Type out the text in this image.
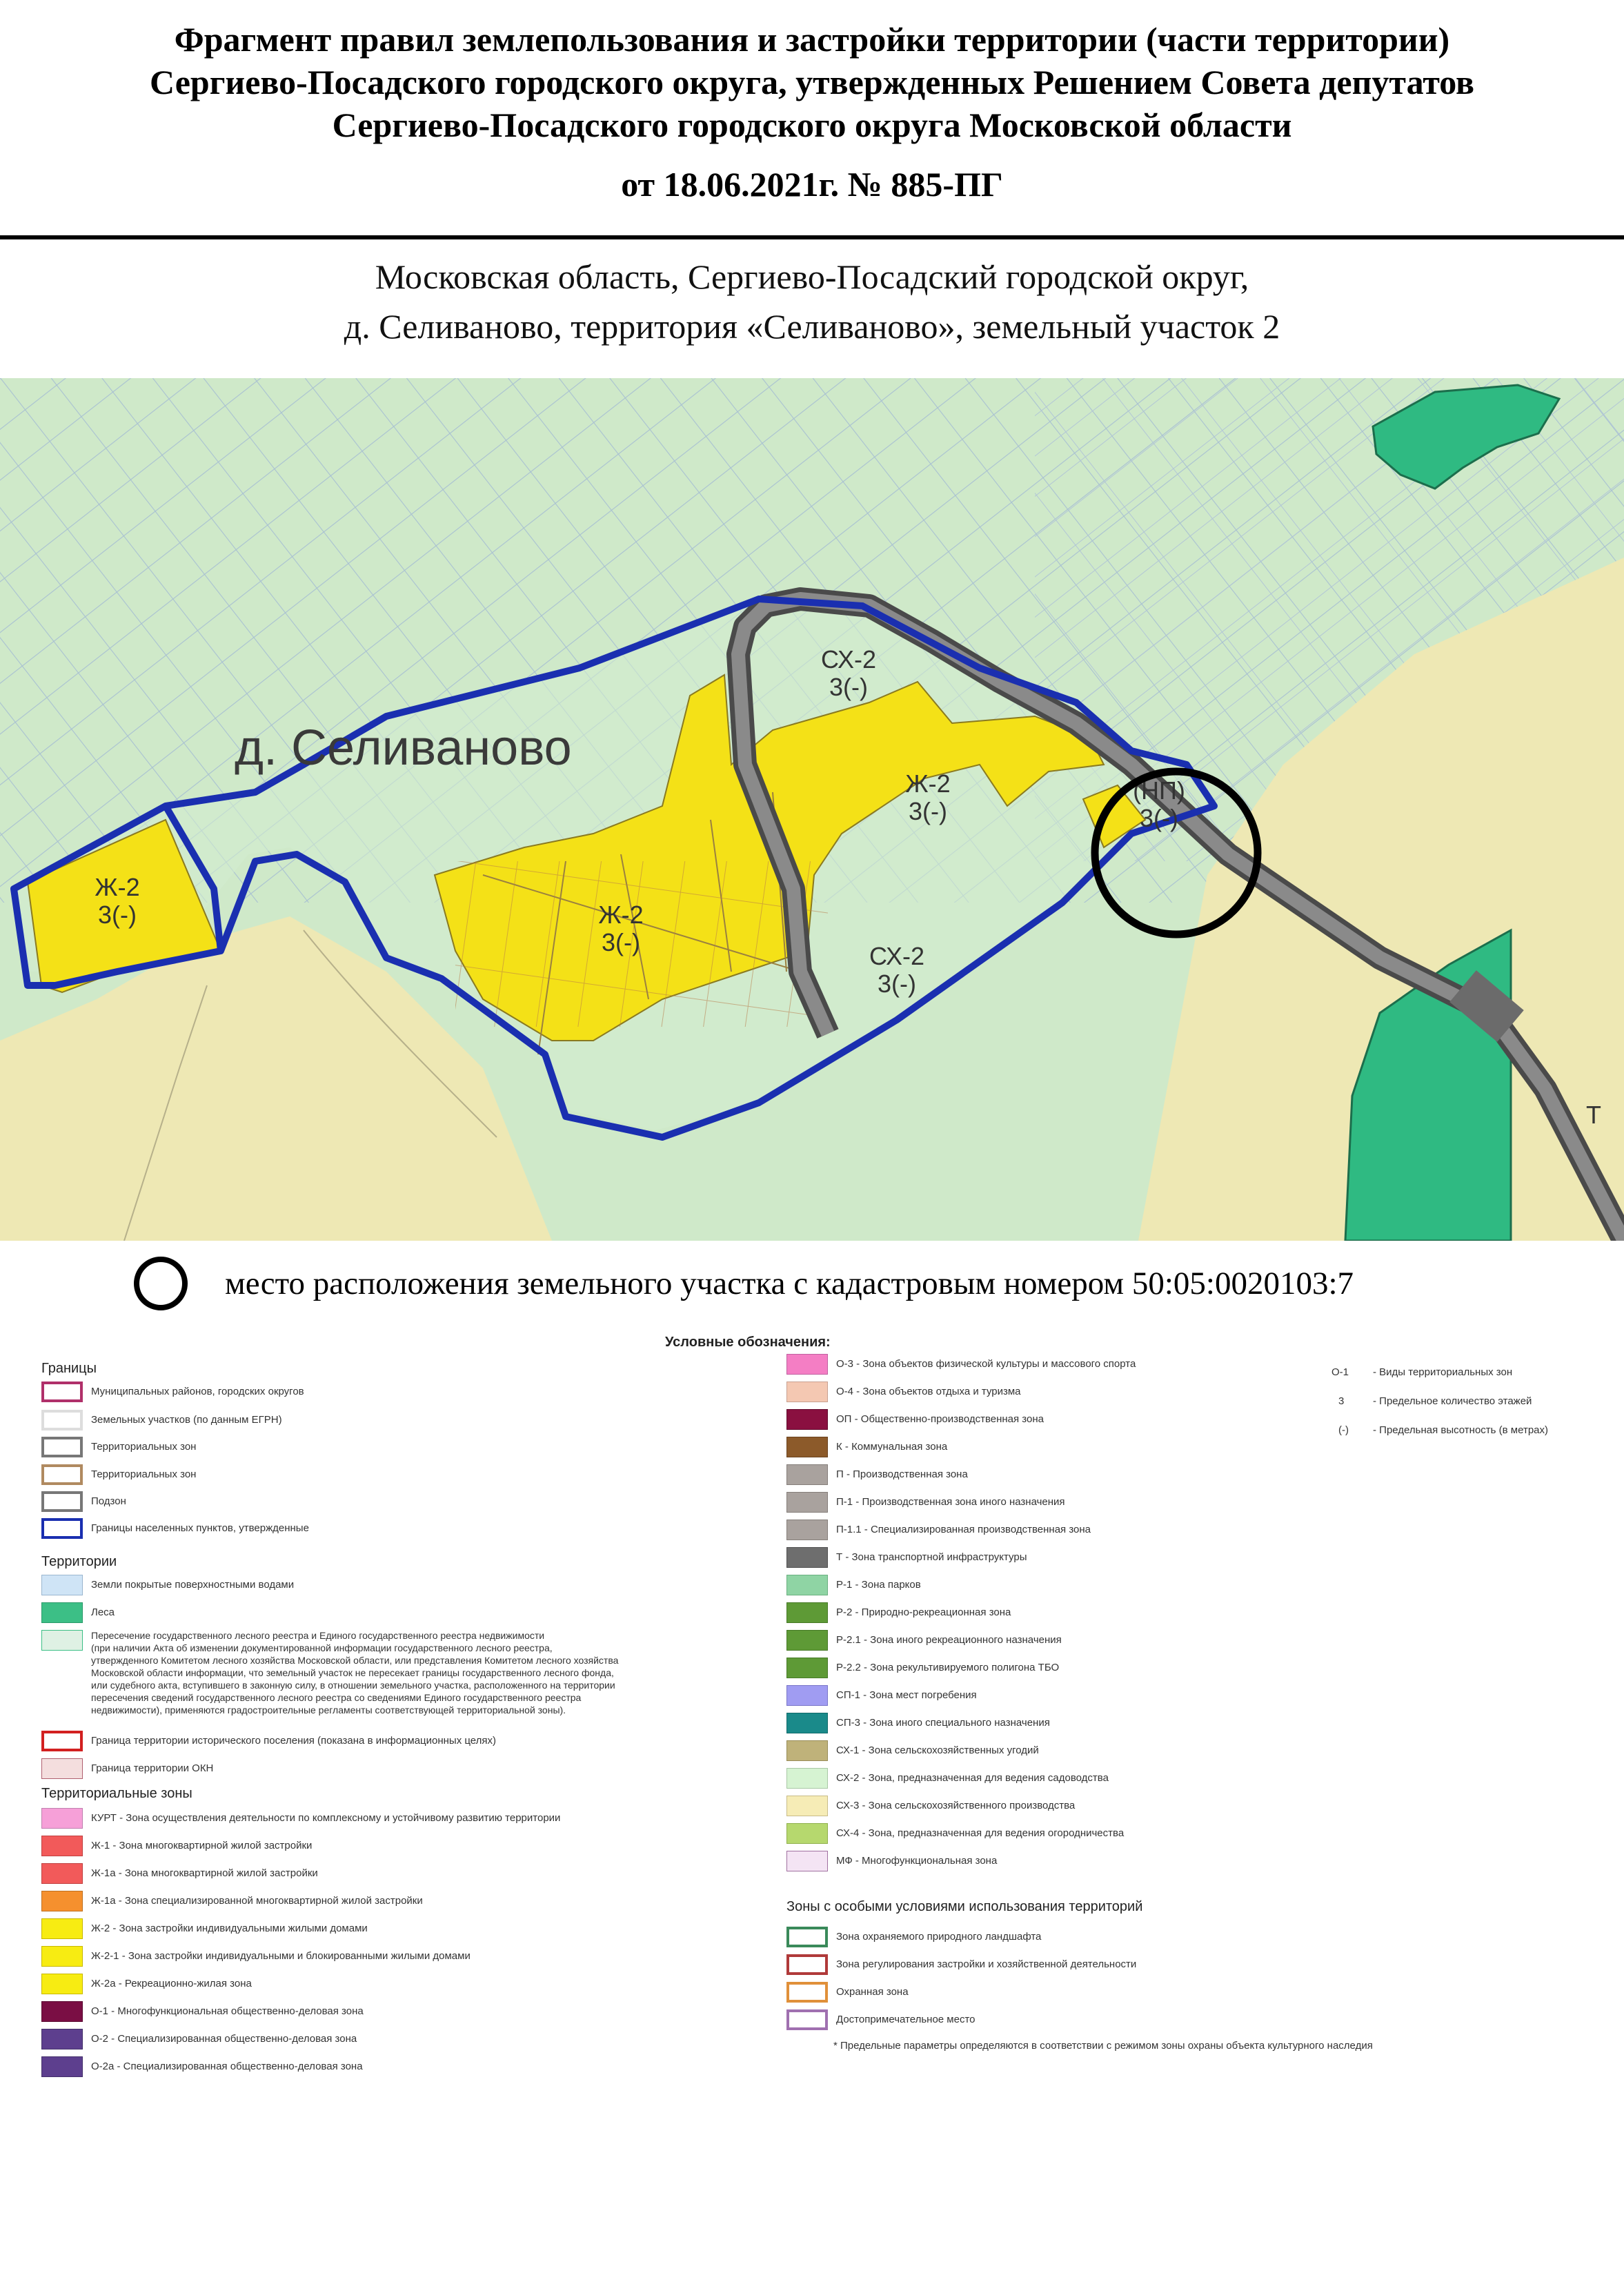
Фрагмент правил землепользования и застройки территории (части территории)
Сергиево-Посадского городского округа, утвержденных Решением Совета депутатов
Сергиево-Посадского городского округа Московской области
от 18.06.2021г. № 885-ПГ
Московская область, Сергиево-Посадский городской округ,
д. Селиваново, территория «Селиваново», земельный участок 2
д. Селиваново
Ж-2
3(-)	Ж-2
3(-)
Ж-2
3(-)
СХ-2
3(-)
СХ-2
3(-)
(НП)
3(-)
Т
место расположения земельного участка с кадастровым номером 50:05:0020103:7
Условные обозначения:
Границы
Территории
Территориальные зоны
Зоны с особыми условиями использования территорий
Муниципальных районов, городских округов
Земельных участков (по данным ЕГРН)
Территориальных зон
Территориальных зон
Подзон
Границы населенных пунктов, утвержденные
Земли покрытые поверхностными водами
Леса
Пересечение государственного лесного реестра и Единого государственного реестра недвижимости
(при наличии Акта об изменении документированной информации государственного лесного реестра,
утвержденного Комитетом лесного хозяйства Московской области, или представления Комитетом лесного хозяйства
Московской области информации, что земельный участок не пересекает границы государственного лесного фонда,
или судебного акта, вступившего в законную силу, в отношении земельного участка, расположенного на территории
пересечения сведений государственного лесного реестра со сведениями Единого государственного реестра
недвижимости), применяются градостроительные регламенты соответствующей территориальной зоны).
Граница территории исторического поселения (показана в информационных целях)
Граница территории ОКН
КУРТ - Зона осуществления деятельности по комплексному и устойчивому развитию территории
Ж-1 - Зона многоквартирной жилой застройки
Ж-1а - Зона многоквартирной жилой застройки
Ж-1а - Зона специализированной многоквартирной жилой застройки
Ж-2 - Зона застройки индивидуальными жилыми домами
Ж-2-1 - Зона застройки индивидуальными и блокированными жилыми домами
Ж-2а - Рекреационно-жилая зона
О-1 - Многофункциональная общественно-деловая зона
О-2 - Специализированная общественно-деловая зона
О-2а - Специализированная общественно-деловая зона
О-3 - Зона объектов физической культуры и массового спорта
О-4 - Зона объектов отдыха и туризма
ОП - Общественно-производственная зона
К - Коммунальная зона
П - Производственная зона
П-1 - Производственная зона иного назначения
П-1.1 - Специализированная производственная зона
Т - Зона транспортной инфраструктуры
Р-1 - Зона парков
Р-2 - Природно-рекреационная зона
Р-2.1 - Зона иного рекреационного назначения
Р-2.2 - Зона рекультивируемого полигона ТБО
СП-1 - Зона мест погребения
СП-3 - Зона иного специального назначения
СХ-1 - Зона сельскохозяйственных угодий
СХ-2 - Зона, предназначенная для ведения садоводства
СХ-3 - Зона сельскохозяйственного производства
СХ-4 - Зона, предназначенная для ведения огородничества
МФ - Многофункциональная зона
Зона охраняемого природного ландшафта
Зона регулирования застройки и хозяйственной деятельности
Охранная зона
Достопримечательное место
О-1 - Виды территориальных зон
3	- Предельное количество этажей
(-) - Предельная высотность (в метрах)
* Предельные параметры определяются в соответствии с режимом зоны охраны объекта культурного наследия
